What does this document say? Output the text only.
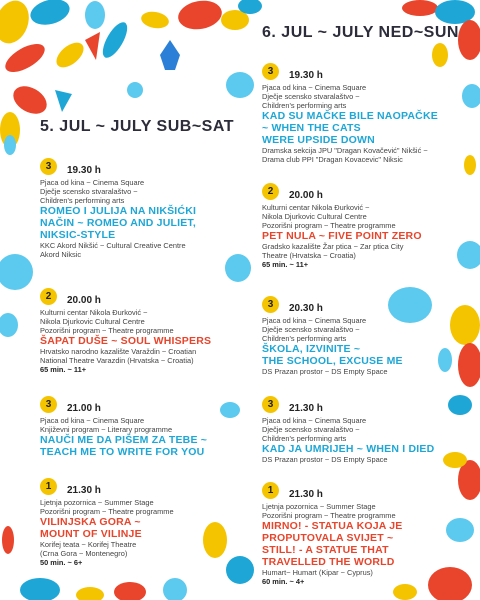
5. JUL ~ JULY SUB~SAT
6. JUL ~ JULY NED~SUN
3	19.30 h
Pjaca od kina ~ Cinema Square
Dječje scensko stvaralaštvo ~
Children's performing arts
ROMEO I JULIJA NA NIKŠIĆKI
NAČIN ~ ROMEO AND JULIET,
NIKSIC-STYLE
KKC Akord Nikšić ~ Cultural Creative Centre
Akord Niksic
2	20.00 h
Kulturni centar Nikola Đurković ~
Nikola Djurkovic Cultural Centre
Pozorišni program ~ Theatre programme
ŠAPAT DUŠE ~ SOUL WHISPERS
Hrvatsko narodno kazalište Varaždin ~ Croatian
National Theatre Varazdin (Hrvatska ~ Croatia)
65 min. ~ 11+
3	21.00 h
Pjaca od kina ~ Cinema Square
Književni program ~ Literary programme
NAUČI ME DA PIŠEM ZA TEBE ~
TEACH ME TO WRITE FOR YOU
1	21.30 h
Ljetnja pozornica ~ Summer Stage
Pozorišni program ~ Theatre programme
VILINJSKA GORA ~
MOUNT OF VILINJE
Korifej teata ~ Korifej Theatre
(Crna Gora ~ Montenegro)
50 min. ~ 6+
3	19.30 h
Pjaca od kina ~ Cinema Square
Dječje scensko stvaralaštvo ~
Children's performing arts
KAD SU MAČKE BILE NAOPAČKE
~ WHEN THE CATS
WERE UPSIDE DOWN
Dramska sekcija JPU "Dragan Kovačević" Nikšić ~
Drama club PPI "Dragan Kovacevic" Niksic
2	20.00 h
Kulturni centar Nikola Đurković ~
Nikola Djurkovic Cultural Centre
Pozorišni program ~ Theatre programme
PET NULA ~ FIVE POINT ZERO
Gradsko kazalište Žar ptica ~ Zar ptica City
Theatre (Hrvatska ~ Croatia)
65 min. ~ 11+
3	20.30 h
Pjaca od kina ~ Cinema Square
Dječje scensko stvaralaštvo ~
Children's performing arts
ŠKOLA, IZVINITE ~
THE SCHOOL, EXCUSE ME
DS Prazan prostor ~ DS Empty Space
3	21.30 h
Pjaca od kina ~ Cinema Square
Dječje scensko stvaralaštvo ~
Children's performing arts
KAD JA UMRIJEH ~ WHEN I DIED
DS Prazan prostor ~ DS Empty Space
1	21.30 h
Ljetnja pozornica ~ Summer Stage
Pozorišni program ~ Theatre programme
MIRNO! - STATUA KOJA JE
PROPUTOVALA SVIJET ~
STILL! - A STATUE THAT
TRAVELLED THE WORLD
Humart~ Humart (Kipar ~ Cyprus)
60 min. ~ 4+
